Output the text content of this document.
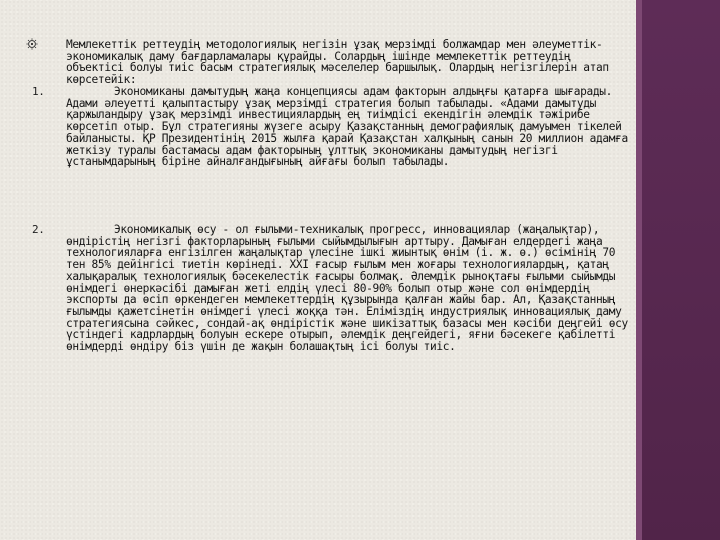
Мемлекеттік реттеудің методологиялық негізін ұзақ мерзімді болжамдар мен әлеуметтік-экономикалық даму бағдарламалары құрайды. Солардың ішінде мемлекеттік реттеудің объектісі болуы тиіс басым стратегиялық мәселелер баршылық. Олардың негізгілерін атап көрсетейік:

1.	Экономиканы дамытудың жаңа концепциясы адам факторын алдыңғы қатарға шығарады. Адами әлеуетті қалыптастыру ұзақ мерзімді стратегия болып табылады. «Адами дамытуды қаржыландыру ұзақ мерзімді инвестициялардың ең тиімдісі екендігін әлемдік тәжірибе көрсетіп отыр. Бұл стратегияны жүзеге асыру Қазақстанның демографиялық дамуымен тікелей байланысты. ҚР Президентінің 2015 жылға қарай Қазақстан халқының санын 20 миллион адамға жеткізу туралы бастамасы адам факторының ұлттық экономиканы дамытудың негізгі ұстанымдарының біріне айналғандығының айғағы болып табылады.

2.	Экономикалық өсу - ол ғылыми-техникалық прогресс, инновациялар (жаңалықтар), өндірістің негізгі факторларының ғылыми сыйымдылығын арттыру. Дамыған елдердегі жаңа технологияларға енгізілген жаңалықтар үлесіне ішкі жиынтық өнім (і. ж. ө.) өсімінің 70 тен 85% дейінгісі тиетін көрінеді. XXI ғасыр ғылым мен жоғары технологиялардың, қатаң халықаралық технологиялық бәсекелестік ғасыры болмақ. Әлемдік рыноқтағы ғылыми сыйымды өнімдегі өнеркәсібі дамыған жеті елдің үлесі 80-90% болып отыр және сол өнімдердің экспорты да өсіп өркендеген мемлекеттердің құзырында қалған жайы бар. Ал, Қазақстанның ғылымды қажетсінетін өнімдегі үлесі жоққа тән. Еліміздің индустриялық инновациялық даму стратегиясына сәйкес, сондай-ақ өндірістік және шикізаттық базасы мен кәсіби деңгейі өсу үстіндегі кадрлардың болуын ескере отырып, әлемдік деңгейдегі, яғни бәсекеге қабілетті өнімдерді өндіру біз үшін де жақын болашақтың ісі болуы тиіс.
